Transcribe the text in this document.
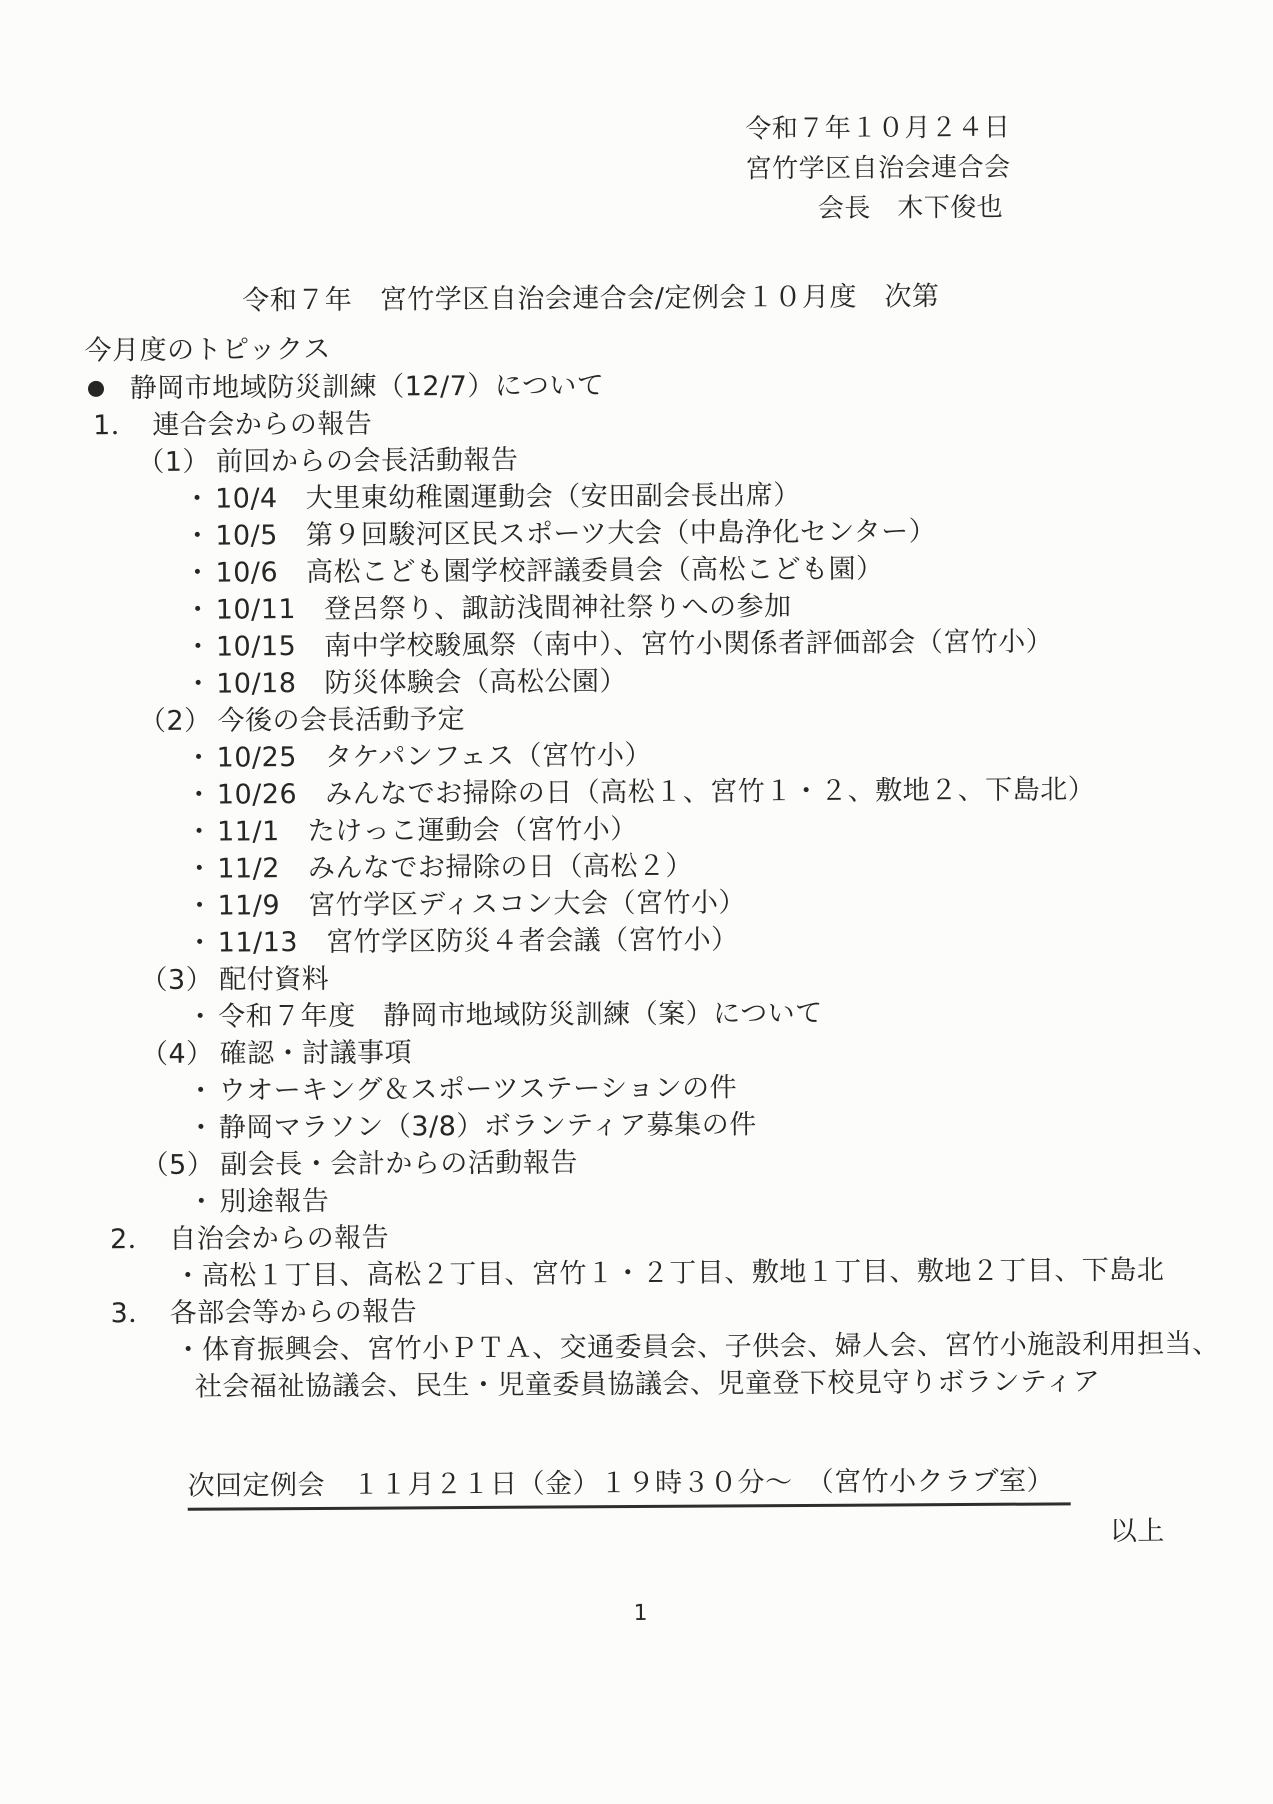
令和７年１０月２４日
宮竹学区自治会連合会
会長　木下俊也
令和７年　宮竹学区自治会連合会/定例会１０月度　次第
今月度のトピックス
● 静岡市地域防災訓練（12/7）について
1． 連合会からの報告
（1） 前回からの会長活動報告
・ 10/4 大里東幼稚園運動会（安田副会長出席）
・ 10/5 第９回駿河区民スポーツ大会（中島浄化センター）
・ 10/6 高松こども園学校評議委員会（高松こども園）
・ 10/11 登呂祭り、諏訪浅間神社祭りへの参加
・ 10/15 南中学校駿風祭（南中）、宮竹小関係者評価部会（宮竹小）
・ 10/18 防災体験会（高松公園）
（2） 今後の会長活動予定
・ 10/25 タケパンフェス（宮竹小）
・ 10/26 みんなでお掃除の日（高松１、宮竹１・２、敷地２、下島北）
・ 11/1 たけっこ運動会（宮竹小）
・ 11/2 みんなでお掃除の日（高松２）
・ 11/9 宮竹学区ディスコン大会（宮竹小）
・ 11/13 宮竹学区防災４者会議（宮竹小）
（3） 配付資料
・ 令和７年度　静岡市地域防災訓練（案）について
（4） 確認・討議事項
・ ウオーキング＆スポーツステーションの件
・ 静岡マラソン（3/8）ボランティア募集の件
（5） 副会長・会計からの活動報告
・ 別途報告
2． 自治会からの報告
・高松１丁目、高松２丁目、宮竹１・２丁目、敷地１丁目、敷地２丁目、下島北
3． 各部会等からの報告
・体育振興会、宮竹小ＰＴＡ、交通委員会、子供会、婦人会、宮竹小施設利用担当、
社会福祉協議会、民生・児童委員協議会、児童登下校見守りボランティア
次回定例会　１１月２１日（金）１９時３０分～　（宮竹小クラブ室）
以上
1
